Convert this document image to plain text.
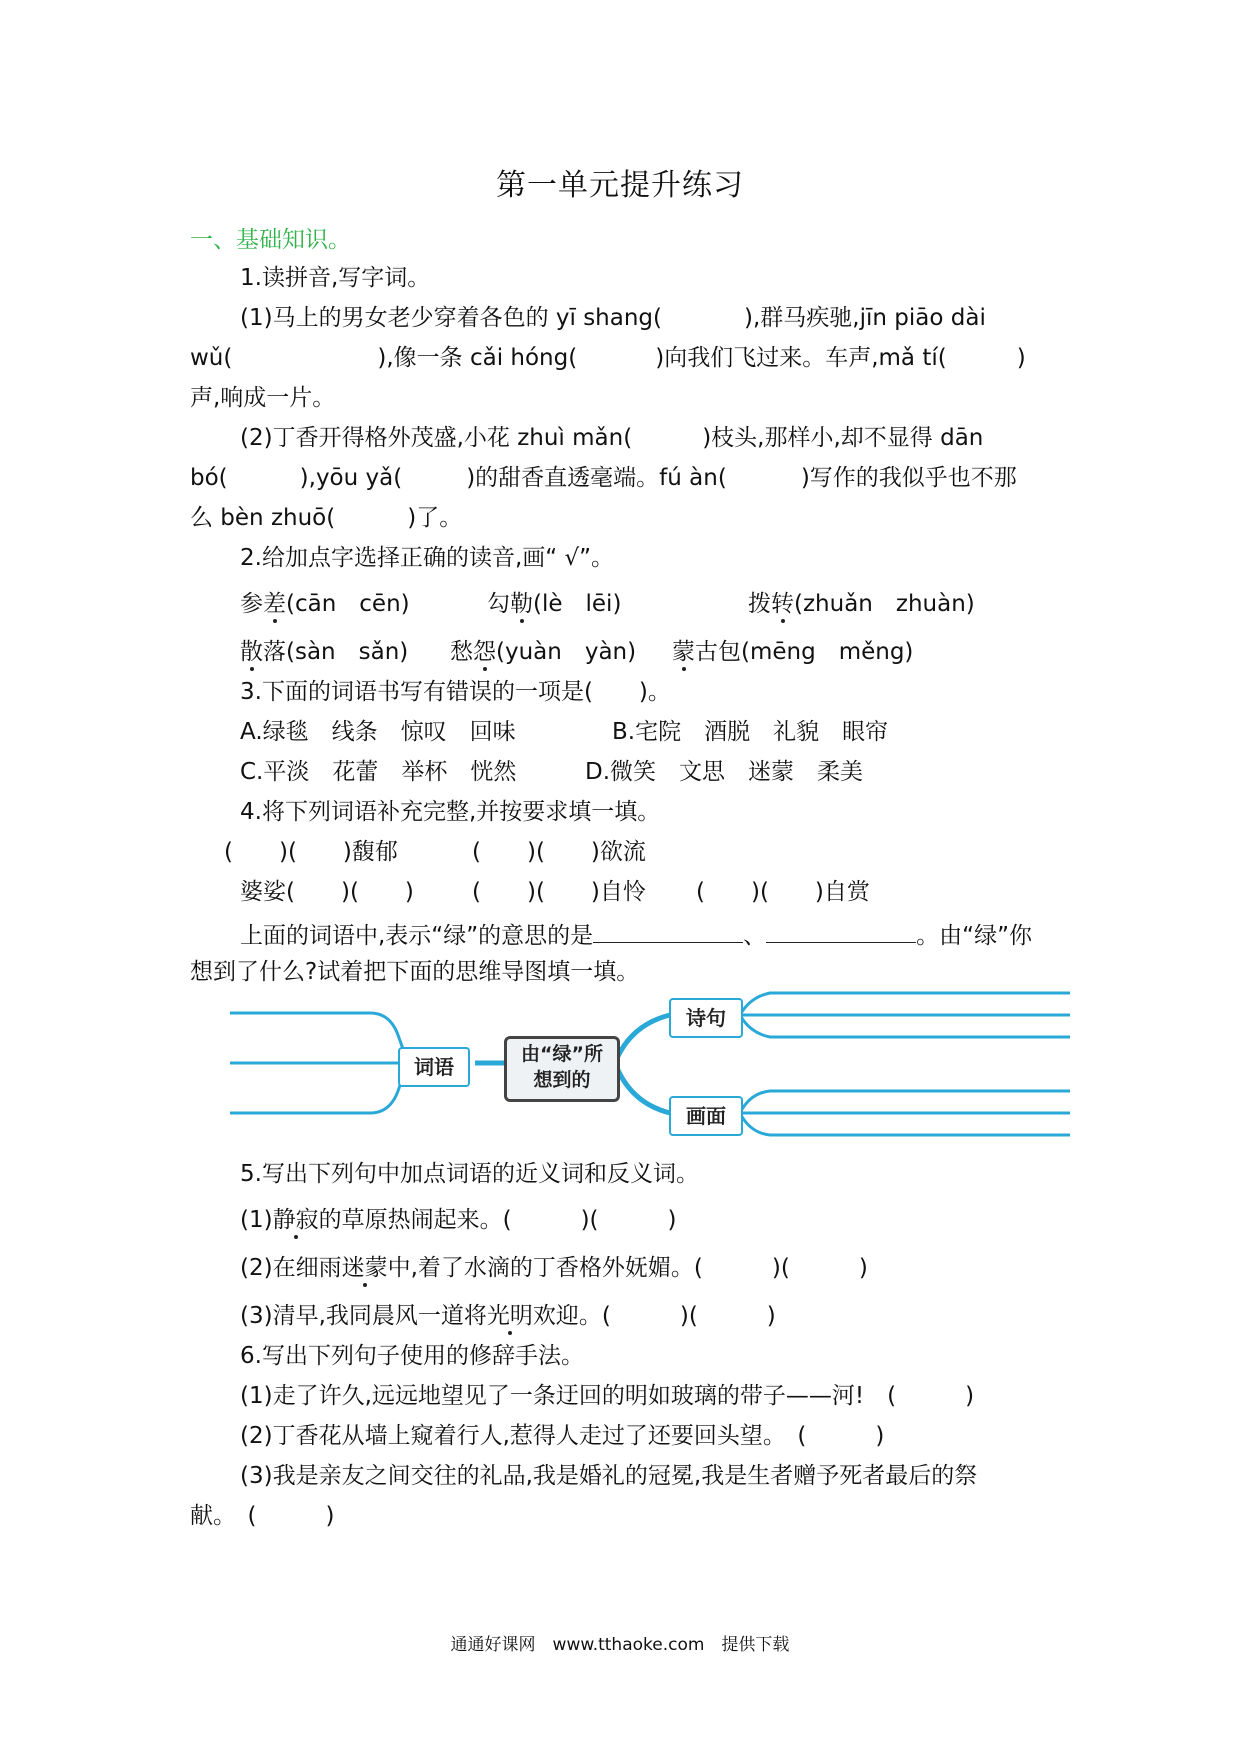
第一单元提升练习
一、基础知识。
1.读拼音,写字词。
(1)马上的男女老少穿着各色的 yī shang(	),群马疾驰,jīn piāo dài
wǔ(	),像一条 cǎi hóng(	)向我们飞过来。车声,mǎ tí(	)
声,响成一片。
(2)丁香开得格外茂盛,小花 zhuì mǎn(	)枝头,那样小,却不显得 dān
bó(	),yōu yǎ(	)的甜香直透毫端。fú àn(	)写作的我似乎也不那
么 bèn zhuō(	)了。
2.给加点字选择正确的读音,画“ √”。
参差(cān　cēn)	勾勒(lè　lēi)	拨转(zhuǎn　zhuàn)
散落(sàn　sǎn) 愁怨(yuàn　yàn) 蒙古包(mēng　měng)
3.下面的词语书写有错误的一项是(　　)。
A.绿毯　线条　惊叹　回味	B.宅院　酒脱　礼貌　眼帘
C.平淡　花蕾　举杯　恍然	D.微笑　文思　迷蒙　柔美
4.将下列词语补充完整,并按要求填一填。
(　　)(　　)馥郁	(　　)(　　)欲流
婆娑(　　)(　　)	(　　)(　　)自怜 (　　)(　　)自赏
上面的词语中,表示“绿”的意思的是	、	。由“绿”你
想到了什么?试着把下面的思维导图填一填。
词语
由“绿”所
想到的
诗句
画面
5.写出下列句中加点词语的近义词和反义词。
(1)静寂的草原热闹起来。(　　　)(　　　)
(2)在细雨迷蒙中,着了水滴的丁香格外妩媚。(　　　)(　　　)
(3)清早,我同晨风一道将光明欢迎。(　　　)(　　　)
6.写出下列句子使用的修辞手法。
(1)走了许久,远远地望见了一条迂回的明如玻璃的带子——河!　(　　　)
(2)丁香花从墙上窥着行人,惹得人走过了还要回头望。　(　　　)
(3)我是亲友之间交往的礼品,我是婚礼的冠冕,我是生者赠予死者最后的祭
献。　(　　　)
通通好课网　www.tthaoke.com　提供下载
